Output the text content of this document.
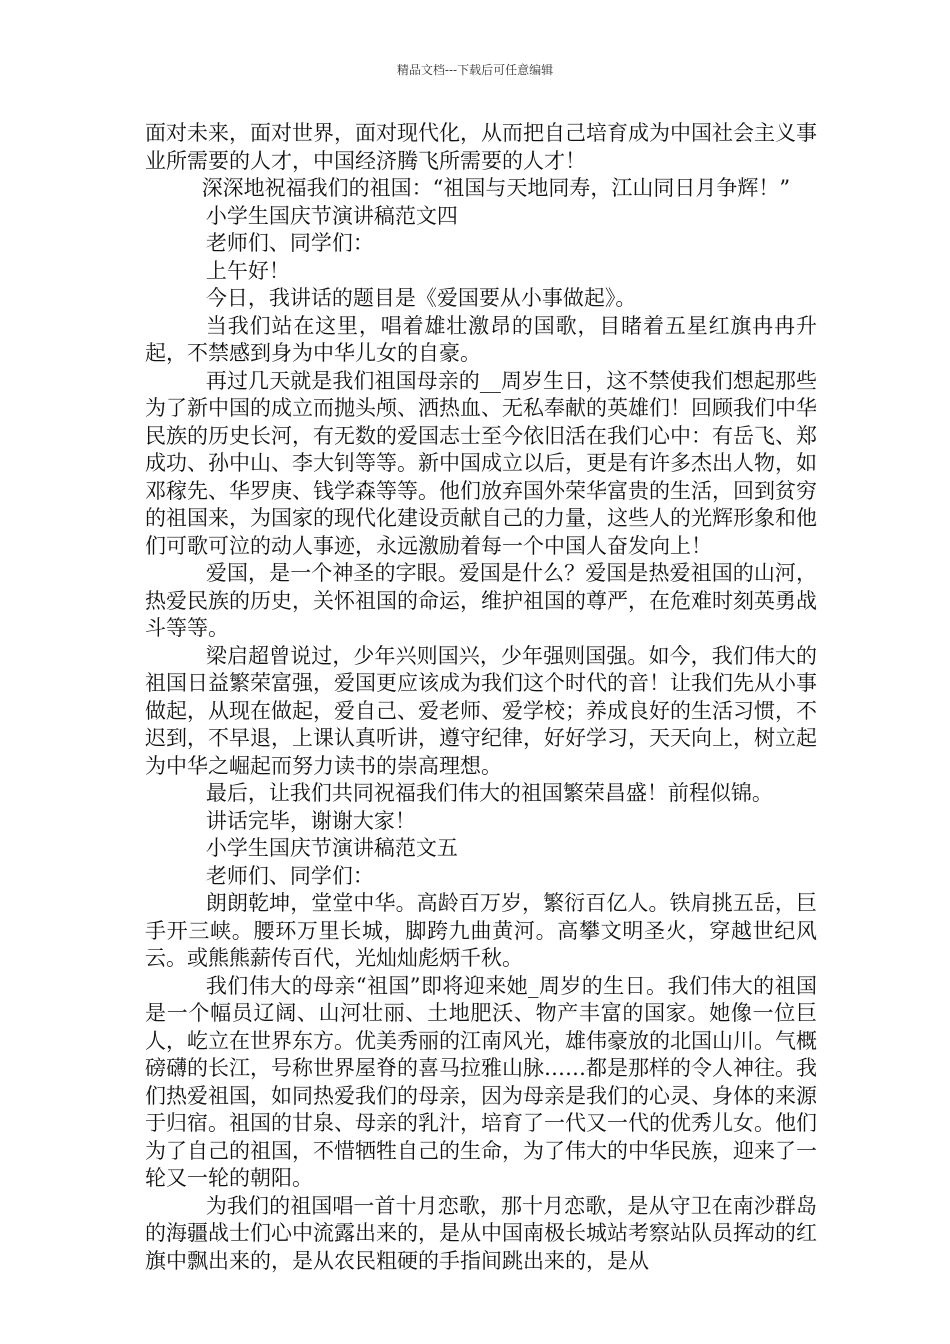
精品文档---下载后可任意编辑

面对未来，面对世界，面对现代化，从而把自己培育成为中国社会主义事业所需要的人才，中国经济腾飞所需要的人才！

深深地祝福我们的祖国：“祖国与天地同寿，江山同日月争辉！”

小学生国庆节演讲稿范文四

老师们、同学们：

上午好！

今日，我讲话的题目是《爱国要从小事做起》。

当我们站在这里，唱着雄壮激昂的国歌，目睹着五星红旗冉冉升起，不禁感到身为中华儿女的自豪。

再过几天就是我们祖国母亲的__周岁生日，这不禁使我们想起那些为了新中国的成立而抛头颅、洒热血、无私奉献的英雄们！回顾我们中华民族的历史长河，有无数的爱国志士至今依旧活在我们心中：有岳飞、郑成功、孙中山、李大钊等等。新中国成立以后，更是有许多杰出人物，如邓稼先、华罗庚、钱学森等等。他们放弃国外荣华富贵的生活，回到贫穷的祖国来，为国家的现代化建设贡献自己的力量，这些人的光辉形象和他们可歌可泣的动人事迹，永远激励着每一个中国人奋发向上！

爱国，是一个神圣的字眼。爱国是什么？爱国是热爱祖国的山河，热爱民族的历史，关怀祖国的命运，维护祖国的尊严，在危难时刻英勇战斗等等。

梁启超曾说过，少年兴则国兴，少年强则国强。如今，我们伟大的祖国日益繁荣富强，爱国更应该成为我们这个时代的音！让我们先从小事做起，从现在做起，爱自己、爱老师、爱学校；养成良好的生活习惯，不迟到，不早退，上课认真听讲，遵守纪律，好好学习，天天向上，树立起为中华之崛起而努力读书的崇高理想。

最后，让我们共同祝福我们伟大的祖国繁荣昌盛！前程似锦。

讲话完毕，谢谢大家！

小学生国庆节演讲稿范文五

老师们、同学们：

朗朗乾坤，堂堂中华。高龄百万岁，繁衍百亿人。铁肩挑五岳，巨手开三峡。腰环万里长城，脚跨九曲黄河。高攀文明圣火，穿越世纪风云。或熊熊薪传百代，光灿灿彪炳千秋。

我们伟大的母亲“祖国”即将迎来她_周岁的生日。我们伟大的祖国是一个幅员辽阔、山河壮丽、土地肥沃、物产丰富的国家。她像一位巨人，屹立在世界东方。优美秀丽的江南风光，雄伟豪放的北国山川。气概磅礴的长江，号称世界屋脊的喜马拉雅山脉……都是那样的令人神往。我们热爱祖国，如同热爱我们的母亲，因为母亲是我们的心灵、身体的来源于归宿。祖国的甘泉、母亲的乳汁，培育了一代又一代的优秀儿女。他们为了自己的祖国，不惜牺牲自己的生命，为了伟大的中华民族，迎来了一轮又一轮的朝阳。

为我们的祖国唱一首十月恋歌，那十月恋歌，是从守卫在南沙群岛的海疆战士们心中流露出来的，是从中国南极长城站考察站队员挥动的红旗中飘出来的，是从农民粗硬的手指间跳出来的，是从
